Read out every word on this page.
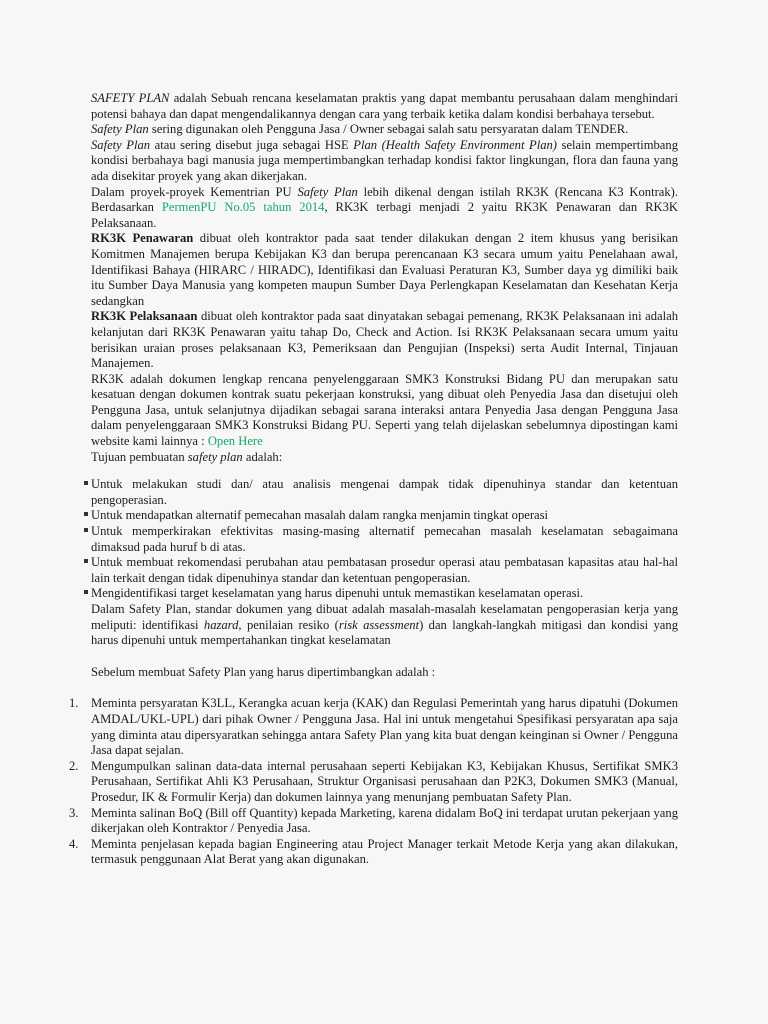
SAFETY PLAN adalah Sebuah rencana keselamatan praktis yang dapat membantu perusahaan dalam menghindari potensi bahaya dan dapat mengendalikannya dengan cara yang terbaik ketika dalam kondisi berbahaya tersebut.

Safety Plan sering digunakan oleh Pengguna Jasa / Owner sebagai salah satu persyaratan dalam TENDER.

Safety Plan atau sering disebut juga sebagai HSE Plan (Health Safety Environment Plan) selain mempertimbang kondisi berbahaya bagi manusia juga mempertimbangkan terhadap kondisi faktor lingkungan, flora dan fauna yang ada disekitar proyek yang akan dikerjakan.

Dalam proyek-proyek Kementrian PU Safety Plan lebih dikenal dengan istilah RK3K (Rencana K3 Kontrak). Berdasarkan PermenPU No.05 tahun 2014, RK3K terbagi menjadi 2 yaitu RK3K Penawaran dan RK3K Pelaksanaan.

RK3K Penawaran dibuat oleh kontraktor pada saat tender dilakukan dengan 2 item khusus yang berisikan Komitmen Manajemen berupa Kebijakan K3 dan berupa perencanaan K3 secara umum yaitu Penelahaan awal, Identifikasi Bahaya (HIRARC / HIRADC), Identifikasi dan Evaluasi Peraturan K3, Sumber daya yg dimiliki baik itu Sumber Daya Manusia yang kompeten maupun Sumber Daya Perlengkapan Keselamatan dan Kesehatan Kerja sedangkan

RK3K Pelaksanaan dibuat oleh kontraktor pada saat dinyatakan sebagai pemenang, RK3K Pelaksanaan ini adalah kelanjutan dari RK3K Penawaran yaitu tahap Do, Check and Action. Isi RK3K Pelaksanaan secara umum yaitu berisikan uraian proses pelaksanaan K3, Pemeriksaan dan Pengujian (Inspeksi) serta Audit Internal, Tinjauan Manajemen.

RK3K adalah dokumen lengkap rencana penyelenggaraan SMK3 Konstruksi Bidang PU dan merupakan satu kesatuan dengan dokumen kontrak suatu pekerjaan konstruksi, yang dibuat oleh Penyedia Jasa dan disetujui oleh Pengguna Jasa, untuk selanjutnya dijadikan sebagai sarana interaksi antara Penyedia Jasa dengan Pengguna Jasa dalam penyelenggaraan SMK3 Konstruksi Bidang PU. Seperti yang telah dijelaskan sebelumnya dipostingan kami website kami lainnya : Open Here

Tujuan pembuatan safety plan adalah:

Untuk melakukan studi dan/ atau analisis mengenai dampak tidak dipenuhinya standar dan ketentuan pengoperasian.
Untuk mendapatkan alternatif pemecahan masalah dalam rangka menjamin tingkat operasi
Untuk memperkirakan efektivitas masing-masing alternatif pemecahan masalah keselamatan sebagaimana dimaksud pada huruf b di atas.
Untuk membuat rekomendasi perubahan atau pembatasan prosedur operasi atau pembatasan kapasitas atau hal-hal lain terkait dengan tidak dipenuhinya standar dan ketentuan pengoperasian.
Mengidentifikasi target keselamatan yang harus dipenuhi untuk memastikan keselamatan operasi.

Dalam Safety Plan, standar dokumen yang dibuat adalah masalah-masalah keselamatan pengoperasian kerja yang meliputi: identifikasi hazard, penilaian resiko (risk assessment) dan langkah-langkah mitigasi dan kondisi yang harus dipenuhi untuk mempertahankan tingkat keselamatan

Sebelum membuat Safety Plan yang harus dipertimbangkan adalah :

1. Meminta persyaratan K3LL, Kerangka acuan kerja (KAK) dan Regulasi Pemerintah yang harus dipatuhi (Dokumen AMDAL/UKL-UPL) dari pihak Owner / Pengguna Jasa. Hal ini untuk mengetahui Spesifikasi persyaratan apa saja yang diminta atau dipersyaratkan sehingga antara Safety Plan yang kita buat dengan keinginan si Owner / Pengguna Jasa dapat sejalan.
2. Mengumpulkan salinan data-data internal perusahaan seperti Kebijakan K3, Kebijakan Khusus, Sertifikat SMK3 Perusahaan, Sertifikat Ahli K3 Perusahaan, Struktur Organisasi perusahaan dan P2K3, Dokumen SMK3 (Manual, Prosedur, IK & Formulir Kerja) dan dokumen lainnya yang menunjang pembuatan Safety Plan.
3. Meminta salinan BoQ (Bill off Quantity) kepada Marketing, karena didalam BoQ ini terdapat urutan pekerjaan yang dikerjakan oleh Kontraktor / Penyedia Jasa.
4. Meminta penjelasan kepada bagian Engineering atau Project Manager terkait Metode Kerja yang akan dilakukan, termasuk penggunaan Alat Berat yang akan digunakan.
